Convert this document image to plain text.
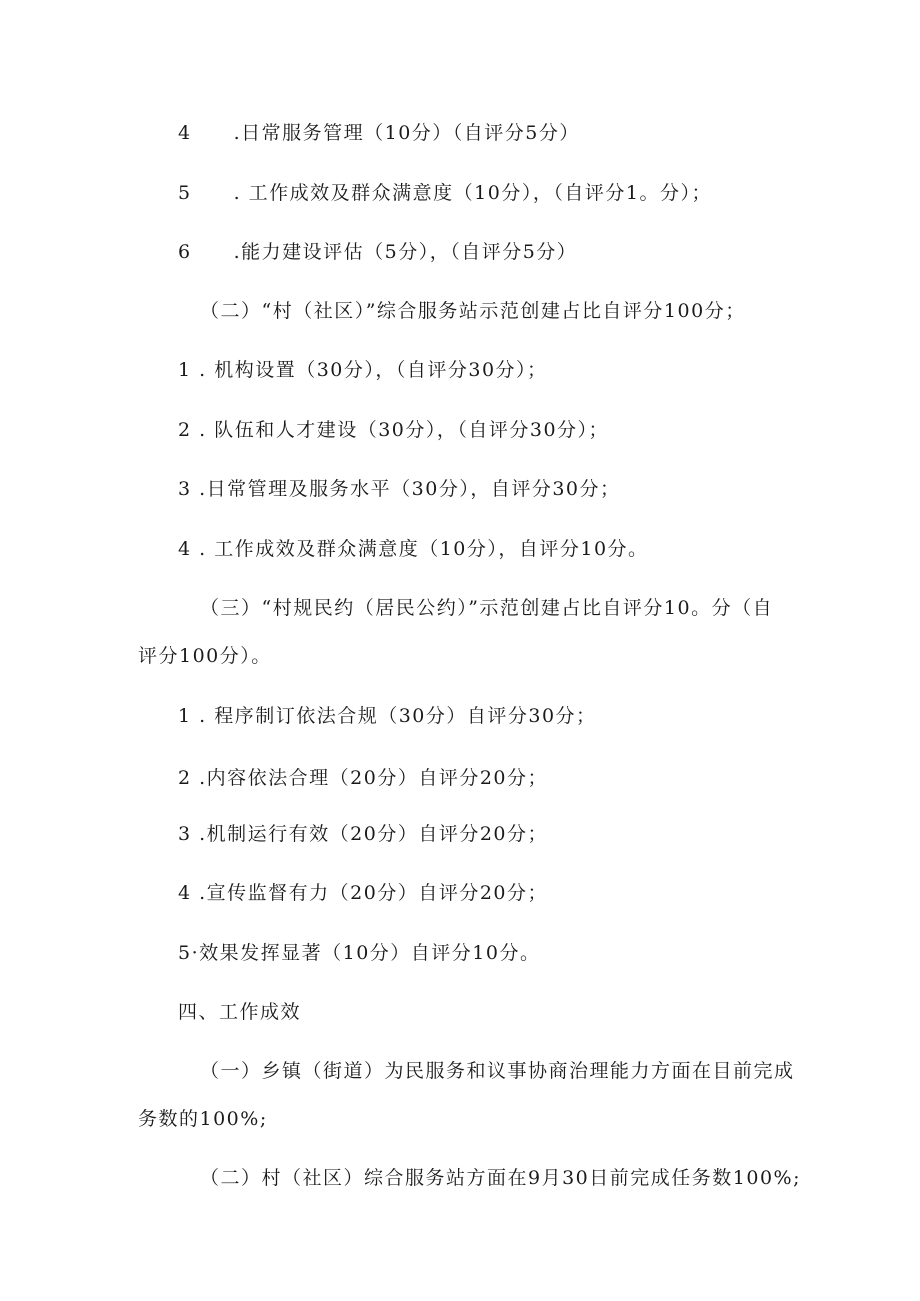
4 .日常服务管理（10分）（自评分5分）
5 . 工作成效及群众满意度（10分），（自评分1。分）；
6 .能力建设评估（5分），（自评分5分）
（二）“村（社区）”综合服务站示范创建占比自评分100分；
1 . 机构设置（30分），（自评分30分）；
2 . 队伍和人才建设（30分），（自评分30分）；
3 .日常管理及服务水平（30分），自评分30分；
4 . 工作成效及群众满意度（10分），自评分10分。
（三）“村规民约（居民公约）”示范创建占比自评分10。分（自
评分100分）。
1 . 程序制订依法合规（30分）自评分30分；
2 .内容依法合理（20分）自评分20分；
3 .机制运行有效（20分）自评分20分；
4 .宣传监督有力（20分）自评分20分；
5·效果发挥显著（10分）自评分10分。
四、工作成效
（一）乡镇（街道）为民服务和议事协商治理能力方面在目前完成
务数的100%;
（二）村（社区）综合服务站方面在9月30日前完成任务数100%;
